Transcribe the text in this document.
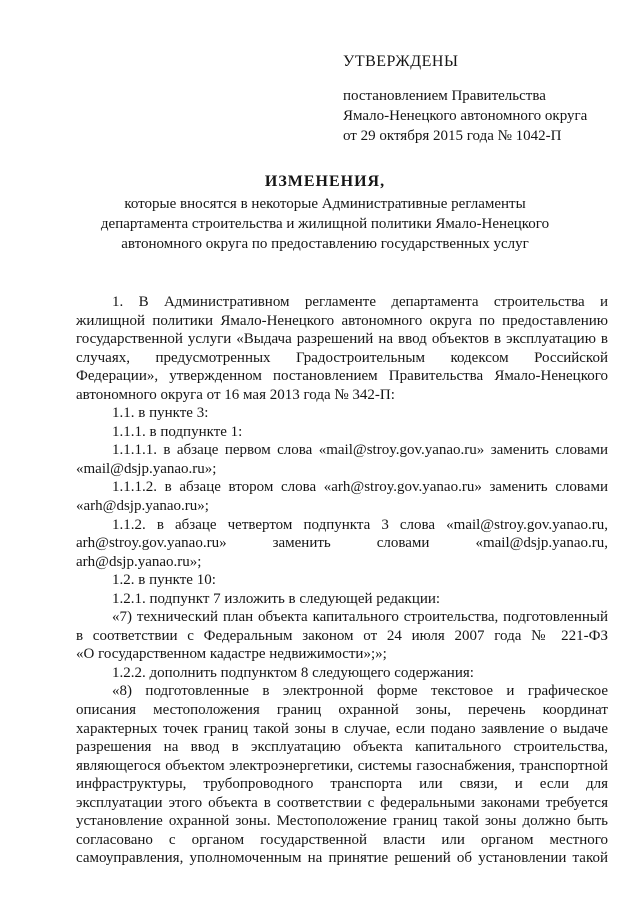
УТВЕРЖДЕНЫ
постановлением Правительства
Ямало-Ненецкого автономного округа
от 29 октября 2015 года № 1042-П
ИЗМЕНЕНИЯ,
которые вносятся в некоторые Административные регламенты
департамента строительства и жилищной политики Ямало-Ненецкого
автономного округа по предоставлению государственных услуг

1. В Административном регламенте департамента строительства и

жилищной политики Ямало-Ненецкого автономного округа по предоставлению

государственной услуги «Выдача разрешений на ввод объектов в эксплуатацию в

случаях, предусмотренных Градостроительным кодексом Российской

Федерации», утвержденном постановлением Правительства Ямало-Ненецкого

автономного округа от 16 мая 2013 года № 342-П:

1.1. в пункте 3:

1.1.1. в подпункте 1:

1.1.1.1. в абзаце первом слова «mail@stroy.gov.yanao.ru» заменить словами

«mail@dsjp.yanao.ru»;

1.1.1.2. в абзаце втором слова «arh@stroy.gov.yanao.ru» заменить словами

«arh@dsjp.yanao.ru»;

1.1.2. в абзаце четвертом подпункта 3 слова «mail@stroy.gov.yanao.ru,

arh@stroy.gov.yanao.ru» заменить словами «mail@dsjp.yanao.ru,

arh@dsjp.yanao.ru»;

1.2. в пункте 10:

1.2.1. подпункт 7 изложить в следующей редакции:

«7) технический план объекта капитального строительства, подготовленный

в соответствии с Федеральным законом от 24 июля 2007 года № 221-ФЗ

«О государственном кадастре недвижимости»;»;

1.2.2. дополнить подпунктом 8 следующего содержания:

«8) подготовленные в электронной форме текстовое и графическое

описания местоположения границ охранной зоны, перечень координат

характерных точек границ такой зоны в случае, если подано заявление о выдаче

разрешения на ввод в эксплуатацию объекта капитального строительства,

являющегося объектом электроэнергетики, системы газоснабжения, транспортной

инфраструктуры, трубопроводного транспорта или связи, и если для

эксплуатации этого объекта в соответствии с федеральными законами требуется

установление охранной зоны. Местоположение границ такой зоны должно быть

согласовано с органом государственной власти или органом местного

самоуправления, уполномоченным на принятие решений об установлении такой
